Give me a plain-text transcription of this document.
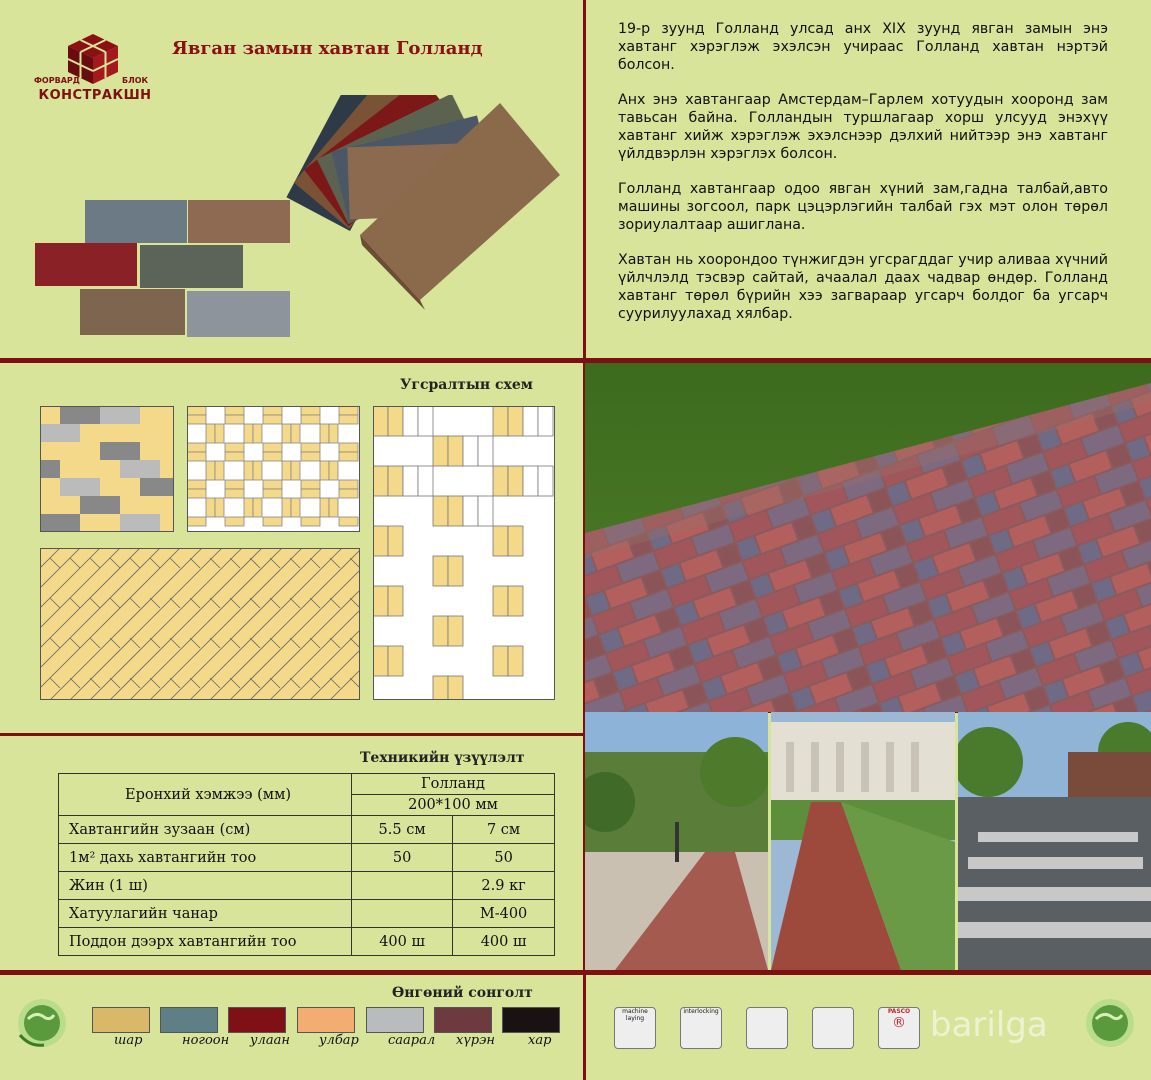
ФОРВАРД	БЛОК
КОНСТРАКШН
Явган замын хавтан Голланд

19-р зуунд Голланд улсад анх XIX зуунд явган замын энэ хавтанг хэрэглэж эхэлсэн учираас Голланд хавтан нэртэй болсон.

Анх энэ хавтангаар Амстердам–Гарлем хотуудын хооронд зам тавьсан байна. Голландын туршлагаар хорш улсууд энэхүү хавтанг хийж хэрэглэж эхэлснээр дэлхий нийтээр энэ хавтанг үйлдвэрлэн хэрэглэх болсон.

Голланд хавтангаар одоо явган хүний зам,гадна талбай,авто машины зогсоол, парк цэцэрлэгийн талбай гэх мэт олон төрөл зориулалтаар ашиглана.

Хавтан нь хоорондоо түнжигдэн угсрагддаг учир аливаа хүчний үйлчлэлд тэсвэр сайтай, ачаалал даах чадвар өндөр. Голланд хавтанг төрөл бүрийн хээ загвараар угсарч болдог ба угсарч суурилуулахад хялбар.

Угсралтын схем
Техникийн үзүүлэлт
Еронхий хэмжээ (мм)	Голланд	
	200*100 мм	
Хавтангийн зузаан (см)	5.5 см	7 см
1м² дахь хавтангийн тоо	50	50
Жин (1 ш)		2.9 кг
Хатуулагийн чанар		М-400
Поддон дээрх хавтангийн тоо	400 ш	400 ш
Өнгөний сонголт
шар	ногоон улаан улбар саарал хүрэн	хар
machine laying
interlocking	PASCO
® barilga
